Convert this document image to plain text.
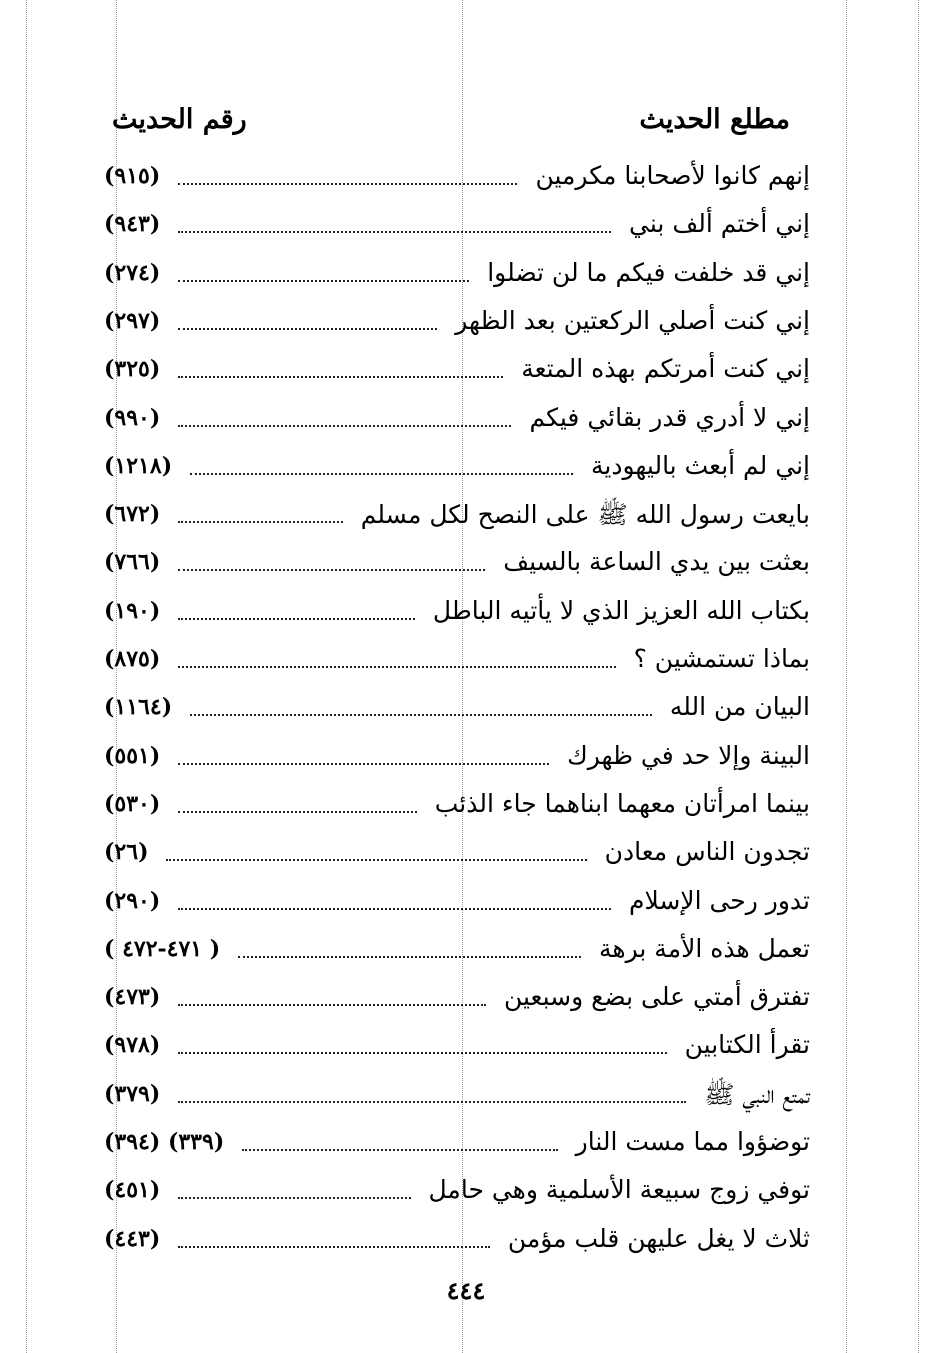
مطلع الحديث
رقم الحديث
إنهم كانوا لأصحابنا مكرمين
(٩١٥)
إني أختم ألف بني
(٩٤٣)
إني قد خلفت فيكم ما لن تضلوا
(٢٧٤)
إني كنت أصلي الركعتين بعد الظهر
(٢٩٧)
إني كنت أمرتكم بهذه المتعة
(٣٢٥)
إني لا أدري قدر بقائي فيكم
(٩٩٠)
إني لم أبعث باليهودية
(١٢١٨)
بايعت رسول الله ﷺ على النصح لكل مسلم
(٦٧٢)
بعثت بين يدي الساعة بالسيف
(٧٦٦)
بكتاب الله العزيز الذي لا يأتيه الباطل
(١٩٠)
بماذا تستمشين ؟
(٨٧٥)
البيان من الله
(١١٦٤)
البينة وإلا حد في ظهرك
(٥٥١)
بينما امرأتان معهما ابناهما جاء الذئب
(٥٣٠)
تجدون الناس معادن
(٢٦)
تدور رحى الإسلام
(٢٩٠)
تعمل هذه الأمة برهة
( ٤٧١-٤٧٢ )
تفترق أمتي على بضع وسبعين
(٤٧٣)
تقرأ الكتابين
(٩٧٨)
تمتع النبي ﷺ
(٣٧٩)
توضؤوا مما مست النار
(٣٣٩) (٣٩٤)
توفي زوج سبيعة الأسلمية وهي حامل
(٤٥١)
ثلاث لا يغل عليهن قلب مؤمن
(٤٤٣)
٤٤٤
